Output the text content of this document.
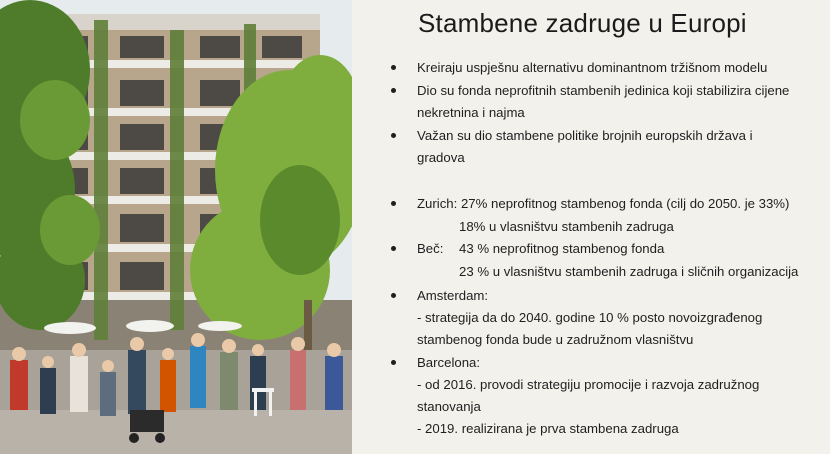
Stambene zadruge u Europi
Kreiraju uspješnu alternativu dominantnom tržišnom modelu
Dio su fonda neprofitnih stambenih jedinica koji stabilizira cijene
nekretnina i najma
Važan su dio stambene politike brojnih europskih država i
gradova
Zurich: 27% neprofitnog stambenog fonda (cilj do 2050. je 33%)
18% u vlasništvu stambenih zadruga
Beč: 43 % neprofitnog stambenog fonda
23 % u vlasništvu stambenih zadruga i sličnih organizacija
Amsterdam:
- strategija da do 2040. godine 10 % posto novoizgrađenog
stambenog fonda bude u zadružnom vlasništvu
Barcelona:
- od 2016. provodi strategiju promocije i razvoja zadružnog
stanovanja
- 2019. realizirana je prva stambena zadruga
